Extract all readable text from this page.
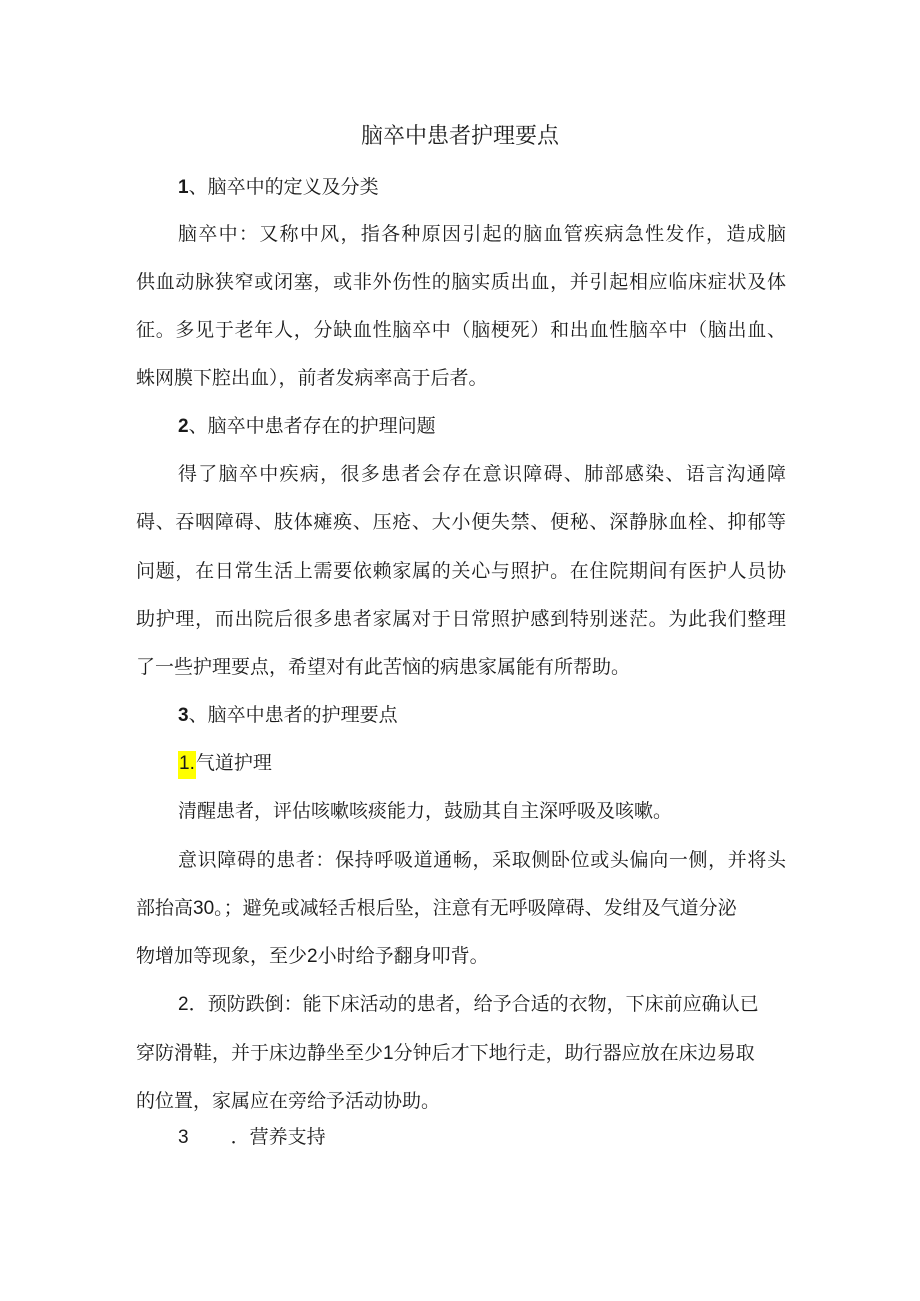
脑卒中患者护理要点
1、脑卒中的定义及分类
脑卒中：又称中风，指各种原因引起的脑血管疾病急性发作，造成脑
供血动脉狭窄或闭塞，或非外伤性的脑实质出血，并引起相应临床症状及体
征。多见于老年人，分缺血性脑卒中（脑梗死）和出血性脑卒中（脑出血、
蛛网膜下腔出血），前者发病率高于后者。
2、脑卒中患者存在的护理问题
得了脑卒中疾病，很多患者会存在意识障碍、肺部感染、语言沟通障
碍、吞咽障碍、肢体瘫痪、压疮、大小便失禁、便秘、深静脉血栓、抑郁等
问题，在日常生活上需要依赖家属的关心与照护。在住院期间有医护人员协
助护理，而出院后很多患者家属对于日常照护感到特别迷茫。为此我们整理
了一些护理要点，希望对有此苦恼的病患家属能有所帮助。
3、脑卒中患者的护理要点
1.气道护理
清醒患者，评估咳嗽咳痰能力，鼓励其自主深呼吸及咳嗽。
意识障碍的患者：保持呼吸道通畅，采取侧卧位或头偏向一侧，并将头
部抬高30。；避免或减轻舌根后坠，注意有无呼吸障碍、发绀及气道分泌
物增加等现象，至少2小时给予翻身叩背。
2．预防跌倒：能下床活动的患者，给予合适的衣物，下床前应确认已
穿防滑鞋，并于床边静坐至少1分钟后才下地行走，助行器应放在床边易取
的位置，家属应在旁给予活动协助。
3 ．营养支持
